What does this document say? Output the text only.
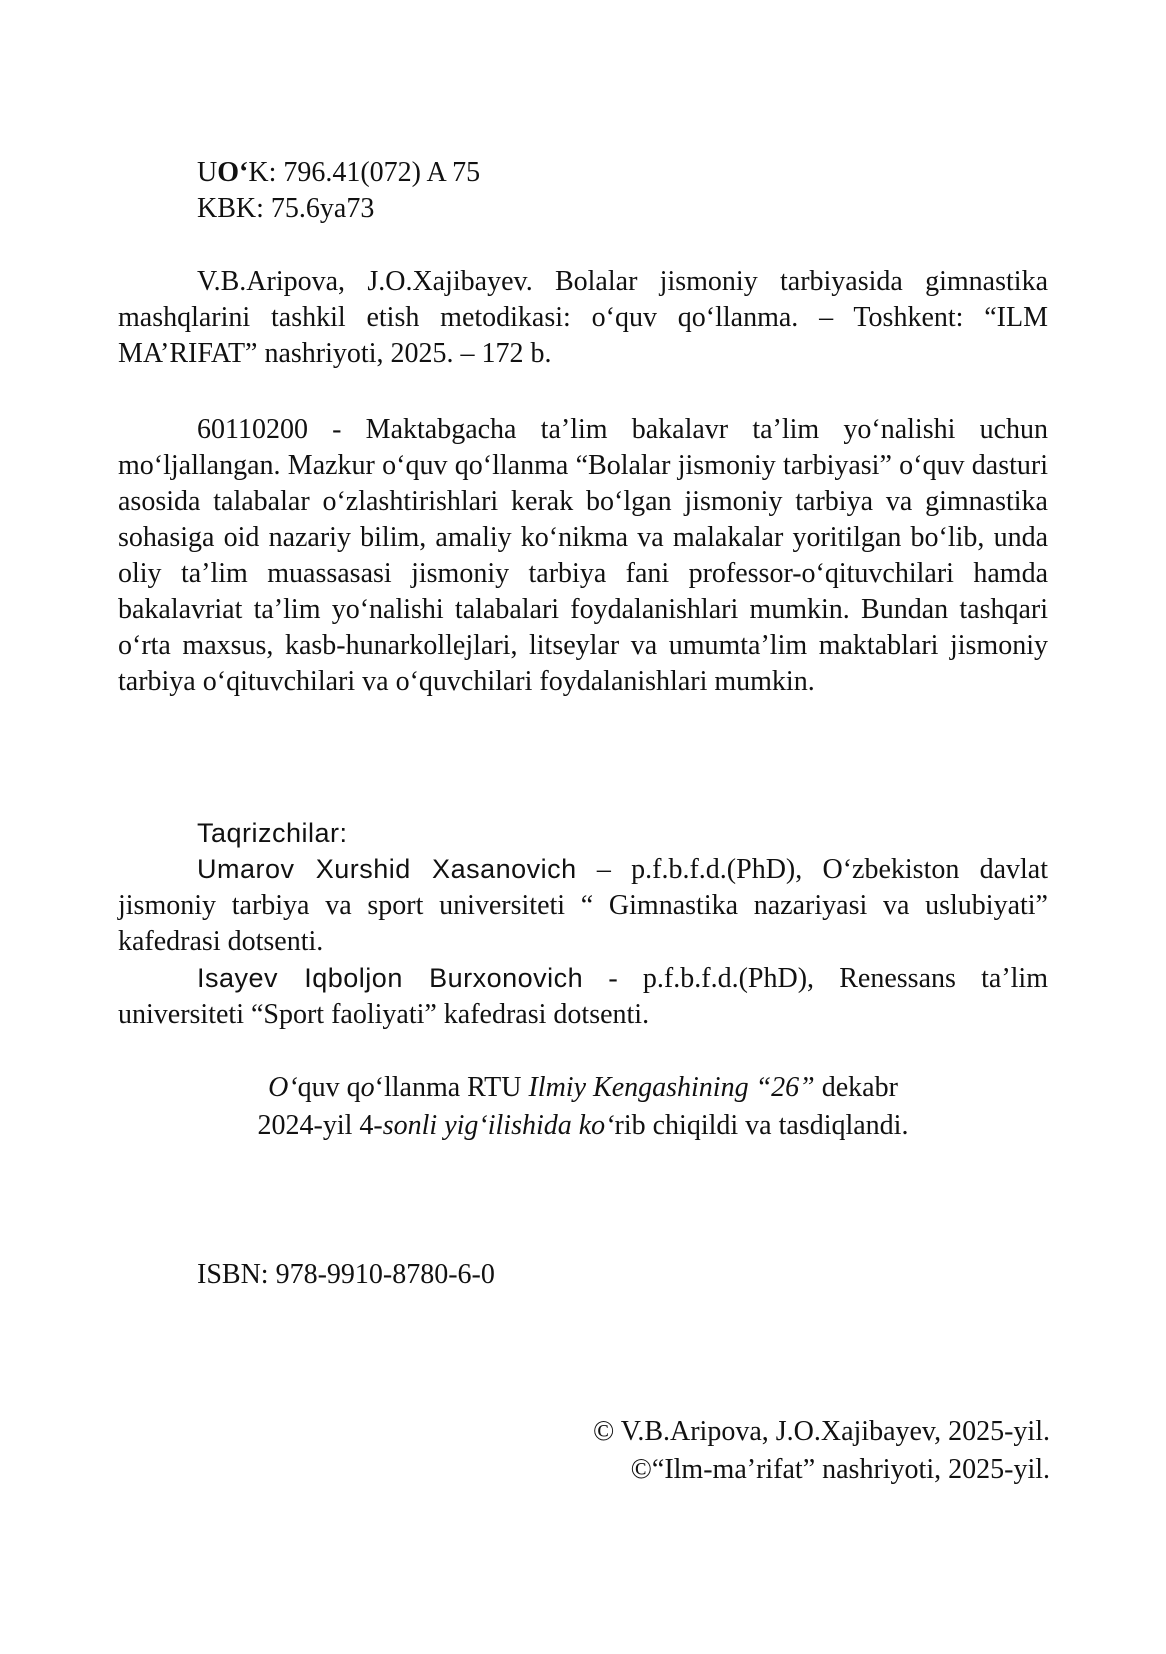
UO‘K: 796.41(072) A 75
KBK: 75.6ya73

V.B.Aripova, J.O.Xajibayev. Bolalar jismoniy tarbiyasida gimnastika mashqlarini tashkil etish metodikasi: o‘quv qo‘llanma. – Toshkent: “ILM MA’RIFAT” nashriyoti, 2025. – 172 b.

60110200 - Maktabgacha ta’lim bakalavr ta’lim yo‘nalishi uchun mo‘ljallangan. Mazkur o‘quv qo‘llanma “Bolalar jismoniy tarbiyasi” o‘quv dasturi asosida talabalar o‘zlashtirishlari kerak bo‘lgan jismoniy tarbiya va gimnastika sohasiga oid nazariy bilim, amaliy ko‘nikma va malakalar yoritilgan bo‘lib, unda oliy ta’lim muassasasi jismoniy tarbiya fani professor-o‘qituvchilari hamda bakalavriat ta’lim yo‘nalishi talabalari foydalanishlari mumkin. Bundan tashqari o‘rta maxsus, kasb-hunarkollejlari, litseylar va umumta’lim maktablari jismoniy tarbiya o‘qituvchilari va o‘quvchilari foydalanishlari mumkin.

Taqrizchilar:

Umarov Xurshid Xasanovich – p.f.b.f.d.(PhD), O‘zbekiston davlat jismoniy tarbiya va sport universiteti “ Gimnastika nazariyasi va uslubiyati” kafedrasi dotsenti.

Isayev Iqboljon Burxonovich - p.f.b.f.d.(PhD), Renessans ta’lim universiteti “Sport faoliyati” kafedrasi dotsenti.

O‘quv qo‘llanma RTU Ilmiy Kengashining “26” dekabr
2024-yil 4-sonli yig‘ilishida ko‘rib chiqildi va tasdiqlandi.
ISBN: 978-9910-8780-6-0
© V.B.Aripova, J.O.Xajibayev, 2025-yil.
©“Ilm-ma’rifat” nashriyoti, 2025-yil.
